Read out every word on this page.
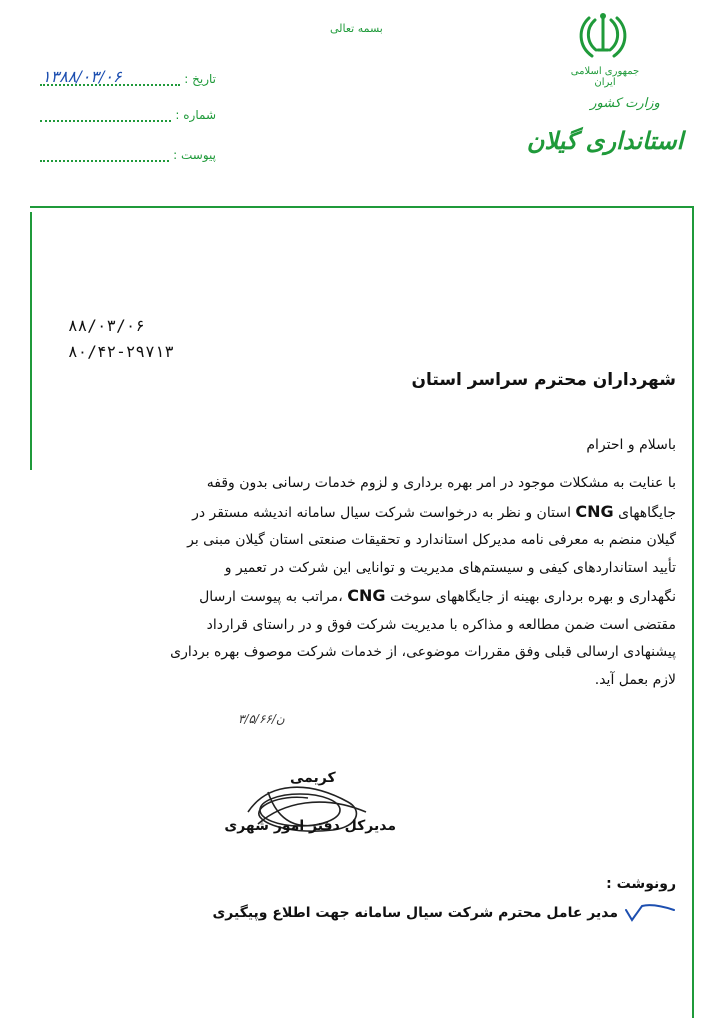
بسمه تعالی
جمهوری اسلامی ایران
وزارت کشور
استانداری گیلان
تاریخ :
۱۳۸۸/۰۳/۰۶
شماره :
پیوست :
۸۸/۰۳/۰۶
۸۰/۴۲-۲۹۷۱۳
شهرداران محترم سراسر استان
باسلام و احترام

با عنایت به مشکلات موجود در امر بهره برداری و لزوم خدمات رسانی بدون وقفه

جایگاههای CNG استان و نظر به درخواست شرکت سیال سامانه اندیشه مستقر در

گیلان منضم به معرفی نامه مدیرکل استاندارد و تحقیقات صنعتی استان گیلان مبنی بر

تأیید استانداردهای کیفی و سیستم‌های مدیریت و توانایی این شرکت در تعمیر و

نگهداری و بهره برداری بهینه از جایگاههای سوخت CNG ،مراتب به پیوست ارسال

مقتضی است ضمن مطالعه و مذاکره با مدیریت شرکت فوق و در راستای قرارداد

پیشنهادی ارسالی قبلی وفق مقررات موضوعی، از خدمات شرکت موصوف بهره برداری

لازم بعمل آید.

۳/۵/۶۶/ن
کریمی
مدیرکل دفتر امور شهری
رونوشت :
مدیر عامل محترم شرکت سیال سامانه جهت اطلاع وپیگیری
